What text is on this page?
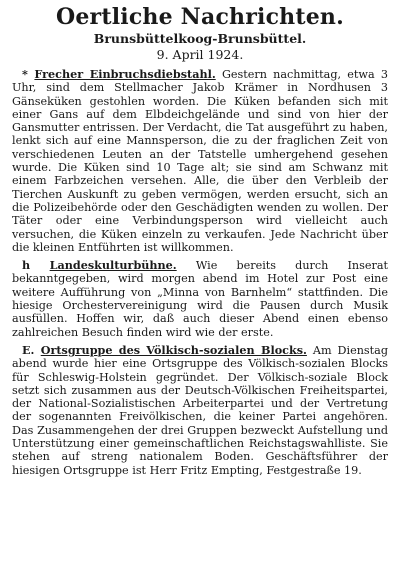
Oertliche Nachrichten.
Brunsbüttelkoog-Brunsbüttel.
9. April 1924.

* Frecher Einbruchsdiebstahl. Gestern nachmittag, etwa 3 Uhr, sind dem Stellmacher Jakob Krämer in Nordhusen 3 Gänseküken gestohlen worden. Die Küken befanden sich mit einer Gans auf dem Elbdeichgelände und sind von hier der Gansmutter entrissen. Der Verdacht, die Tat ausgeführt zu haben, lenkt sich auf eine Mannsperson, die zu der fraglichen Zeit von verschiedenen Leuten an der Tatstelle umhergehend gesehen wurde. Die Küken sind 10 Tage alt; sie sind am Schwanz mit einem Farbzeichen versehen. Alle, die über den Verbleib der Tierchen Auskunft zu geben vermögen, werden ersucht, sich an die Polizeibehörde oder den Geschädigten wenden zu wollen. Der Täter oder eine Verbindungsperson wird vielleicht auch versuchen, die Küken einzeln zu verkaufen. Jede Nachricht über die kleinen Entführten ist willkommen.

h Landeskulturbühne. Wie bereits durch Inserat bekanntgegeben, wird morgen abend im Hotel zur Post eine weitere Aufführung von „Minna von Barnhelm“ stattfinden. Die hiesige Orchestervereinigung wird die Pausen durch Musik ausfüllen. Hoffen wir, daß auch dieser Abend einen ebenso zahlreichen Besuch finden wird wie der erste.

E. Ortsgruppe des Völkisch-sozialen Blocks. Am Dienstag abend wurde hier eine Ortsgruppe des Völkisch-sozialen Blocks für Schleswig-Holstein gegründet. Der Völkisch-soziale Block setzt sich zusammen aus der Deutsch-Völkischen Freiheitspartei, der National-Sozialistischen Arbeiterpartei und der Vertretung der sogenannten Freivölkischen, die keiner Partei angehören. Das Zusammengehen der drei Gruppen bezweckt Aufstellung und Unterstützung einer gemeinschaftlichen Reichstagswahlliste. Sie stehen auf streng nationalem Boden. Geschäftsführer der hiesigen Ortsgruppe ist Herr Fritz Empting, Festgestraße 19.
